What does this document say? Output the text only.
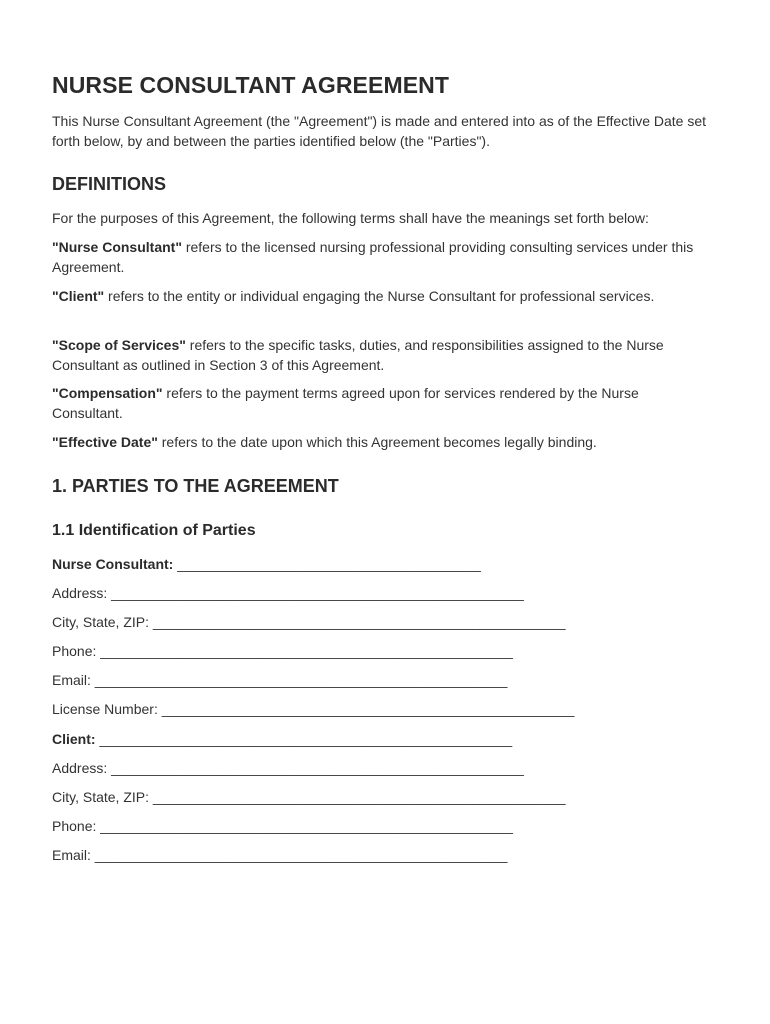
NURSE CONSULTANT AGREEMENT

This Nurse Consultant Agreement (the "Agreement") is made and entered into as of the Effective Date set forth below, by and between the parties identified below (the "Parties").

DEFINITIONS

For the purposes of this Agreement, the following terms shall have the meanings set forth below:

"Nurse Consultant" refers to the licensed nursing professional providing consulting services under this Agreement.

"Client" refers to the entity or individual engaging the Nurse Consultant for professional services.

"Scope of Services" refers to the specific tasks, duties, and responsibilities assigned to the Nurse Consultant as outlined in Section 3 of this Agreement.

"Compensation" refers to the payment terms agreed upon for services rendered by the Nurse Consultant.

"Effective Date" refers to the date upon which this Agreement becomes legally binding.

1. PARTIES TO THE AGREEMENT
1.1 Identification of Parties

Nurse Consultant: _______________________________________

Address: _____________________________________________________

City, State, ZIP: _____________________________________________________

Phone: _____________________________________________________

Email: _____________________________________________________

License Number: _____________________________________________________

Client: _____________________________________________________

Address: _____________________________________________________

City, State, ZIP: _____________________________________________________

Phone: _____________________________________________________

Email: _____________________________________________________
